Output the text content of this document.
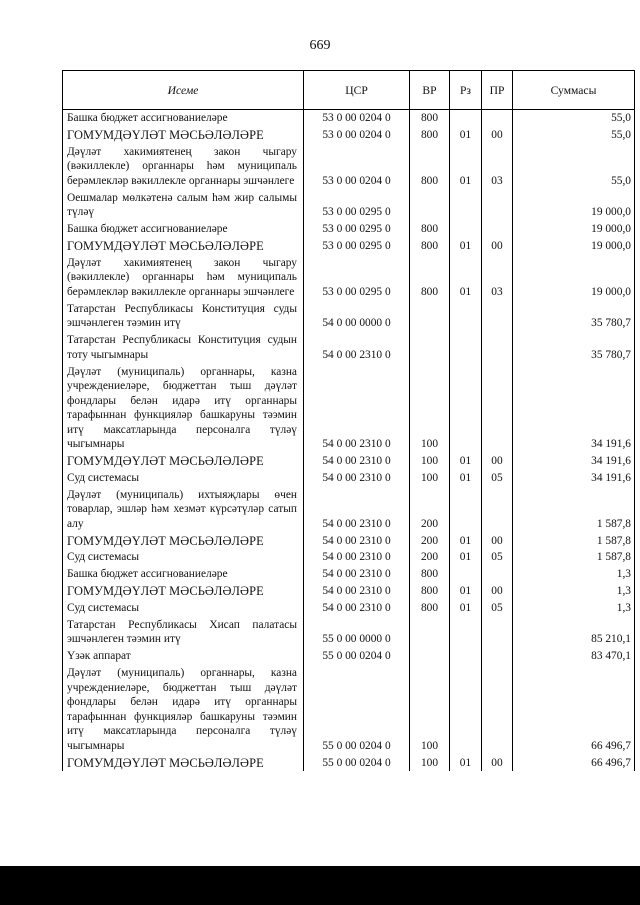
669
Исеме	ЦСР	ВР	Рз	ПР	Суммасы
Башка бюджет ассигнованиеләре	53 0 00 0204 0	800			55,0
ГОМУМДӘҮЛӘТ МӘСЬӘЛӘЛӘРЕ	53 0 00 0204 0	800	01	00	55,0
Дәүләт хакимиятенең закон чыгару (вәкиллекле) органнары һәм муниципаль берәмлекләр вәкиллекле органнары эшчәнлеге	53 0 00 0204 0	800	01	03	55,0
Оешмалар мөлкәтенә салым һәм жир салымы түләү	53 0 00 0295 0				19 000,0
Башка бюджет ассигнованиеләре	53 0 00 0295 0	800			19 000,0
ГОМУМДӘҮЛӘТ МӘСЬӘЛӘЛӘРЕ	53 0 00 0295 0	800	01	00	19 000,0
Дәүләт хакимиятенең закон чыгару (вәкиллекле) органнары һәм муниципаль берәмлекләр вәкиллекле органнары эшчәнлеге	53 0 00 0295 0	800	01	03	19 000,0
Татарстан Республикасы Конституция суды эшчәнлеген тәэмин итү	54 0 00 0000 0				35 780,7
Татарстан Республикасы Конституция судын тоту чыгымнары	54 0 00 2310 0				35 780,7
Дәүләт (муниципаль) органнары, казна учреждениеләре, бюджеттан тыш дәүләт фондлары белән идарә итү органнары тарафыннан функцияләр башкаруны тәэмин итү максатларында персоналга түләү чыгымнары	54 0 00 2310 0	100			34 191,6
ГОМУМДӘҮЛӘТ МӘСЬӘЛӘЛӘРЕ	54 0 00 2310 0	100	01	00	34 191,6
Суд системасы	54 0 00 2310 0	100	01	05	34 191,6
Дәүләт (муниципаль) ихтыяҗлары өчен товарлар, эшләр һәм хезмәт күрсәтүләр сатып алу	54 0 00 2310 0	200			1 587,8
ГОМУМДӘҮЛӘТ МӘСЬӘЛӘЛӘРЕ	54 0 00 2310 0	200	01	00	1 587,8
Суд системасы	54 0 00 2310 0	200	01	05	1 587,8
Башка бюджет ассигнованиеләре	54 0 00 2310 0	800			1,3
ГОМУМДӘҮЛӘТ МӘСЬӘЛӘЛӘРЕ	54 0 00 2310 0	800	01	00	1,3
Суд системасы	54 0 00 2310 0	800	01	05	1,3
Татарстан Республикасы Хисап палатасы эшчәнлеген тәэмин итү	55 0 00 0000 0				85 210,1
Үзәк аппарат	55 0 00 0204 0				83 470,1
Дәүләт (муниципаль) органнары, казна учреждениеләре, бюджеттан тыш дәүләт фондлары белән идарә итү органнары тарафыннан функцияләр башкаруны тәэмин итү максатларында персоналга түләү чыгымнары	55 0 00 0204 0	100			66 496,7
ГОМУМДӘҮЛӘТ МӘСЬӘЛӘЛӘРЕ	55 0 00 0204 0	100	01	00	66 496,7
